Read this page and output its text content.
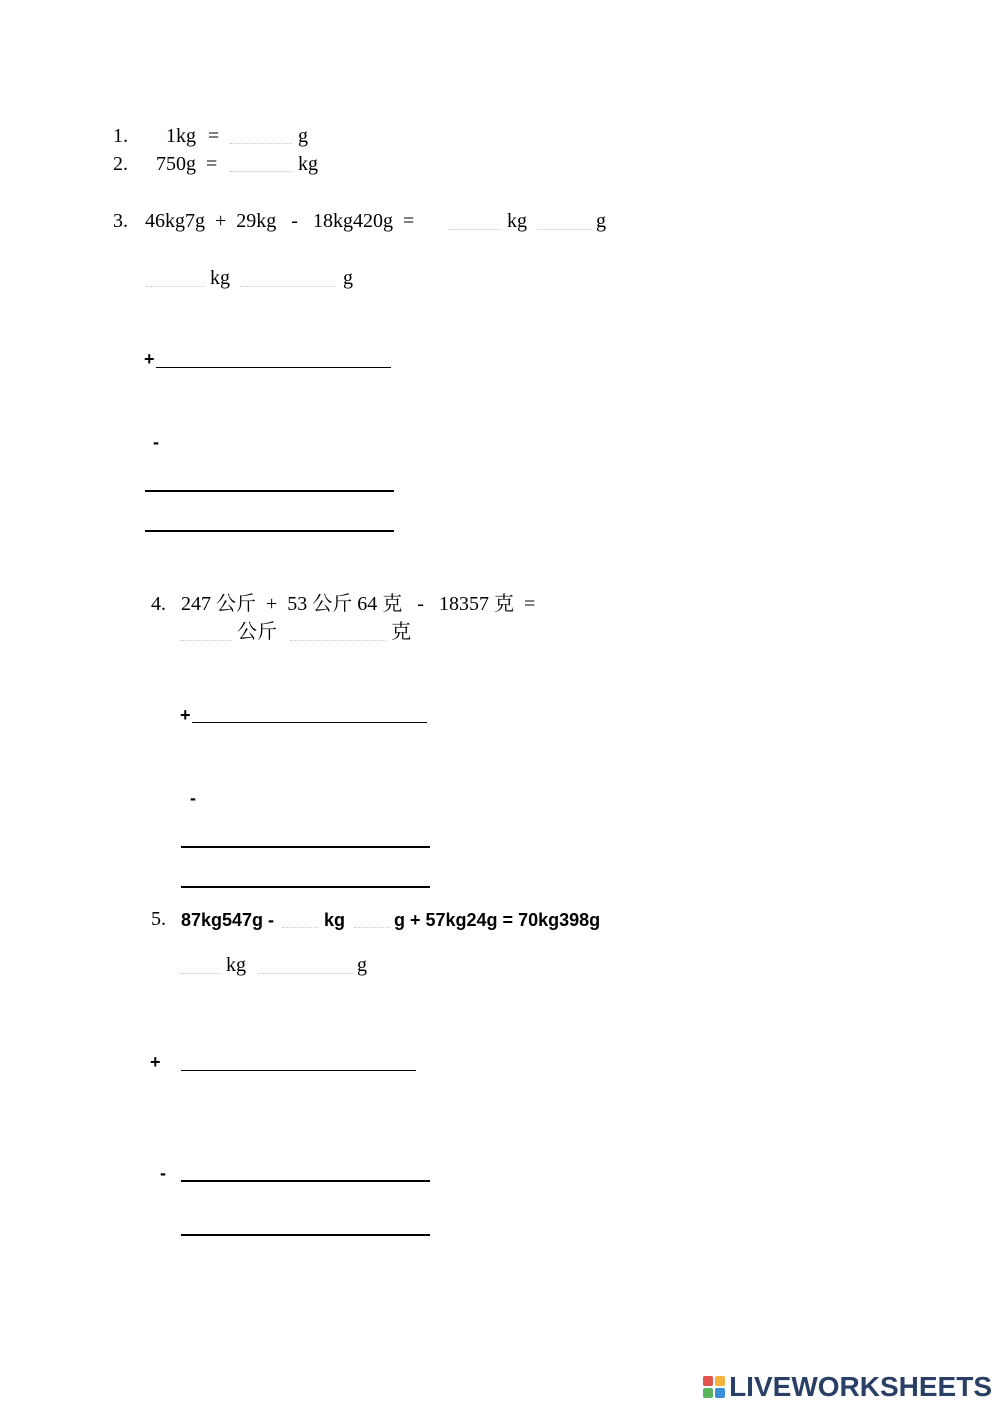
1. 1kg =	g
2. 750g =	kg
3. 46kg7g  +  29kg   -   18kg420g  =	kg	g
kg	g
+
-
4. 247 公斤  +  53 公斤 64 克   -   18357 克  =
公斤	克
+
-
5. 87kg547g -	kg	g + 57kg24g = 70kg398g
kg	g
+
-
LIVEWORKSHEETS
